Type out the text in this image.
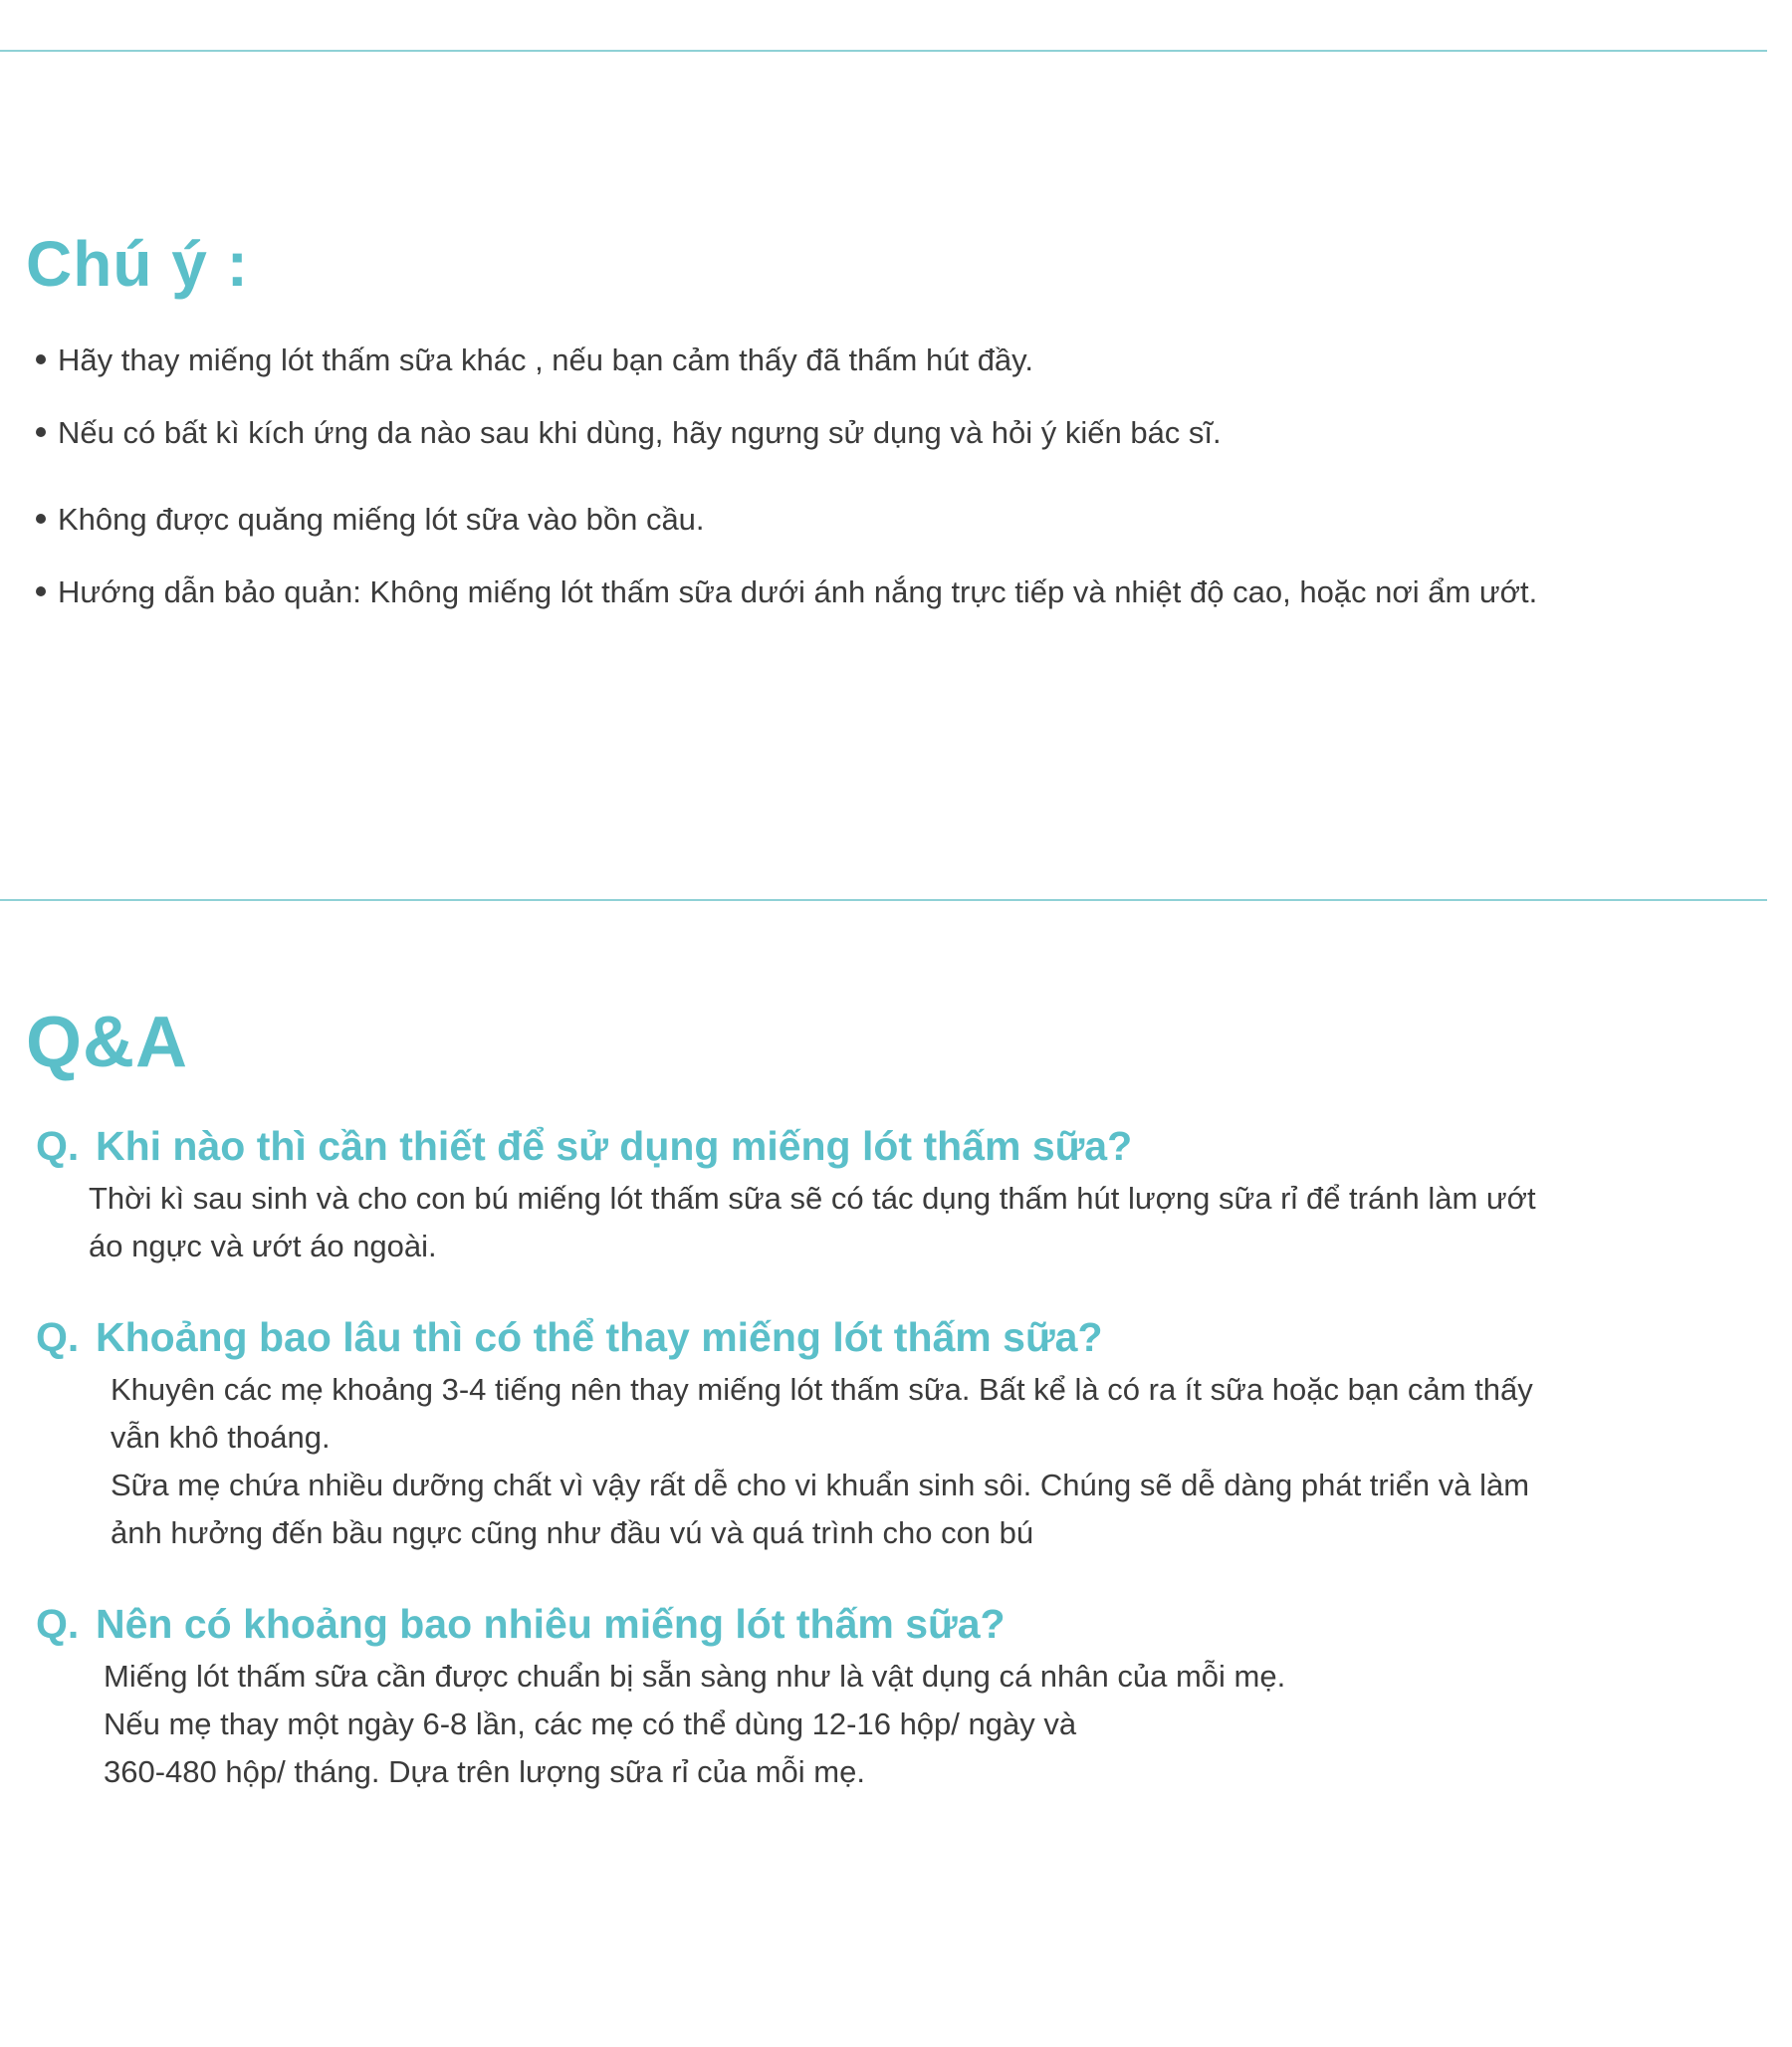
Chú ý :
Hãy thay miếng lót thấm sữa khác , nếu bạn cảm thấy đã thấm hút đầy.
Nếu có bất kì kích ứng da nào sau khi dùng, hãy ngưng sử dụng và hỏi ý kiến bác sĩ.
Không được quăng miếng lót sữa vào bồn cầu.
Hướng dẫn bảo quản: Không miếng lót thấm sữa dưới ánh nắng trực tiếp và nhiệt độ cao, hoặc nơi ẩm ướt.
Q&A
Q. Khi nào thì cần thiết để sử dụng miếng lót thấm sữa?
Thời kì sau sinh và cho con bú miếng lót thấm sữa sẽ có tác dụng thấm hút lượng sữa rỉ để tránh làm ướt
áo ngực và ướt áo ngoài.
Q. Khoảng bao lâu thì có thể thay miếng lót thấm sữa?
Khuyên các mẹ khoảng 3-4 tiếng nên thay miếng lót thấm sữa. Bất kể là có ra ít sữa hoặc bạn cảm thấy
vẫn khô thoáng.
Sữa mẹ chứa nhiều dưỡng chất vì vậy rất dễ cho vi khuẩn sinh sôi. Chúng sẽ dễ dàng phát triển và làm
ảnh hưởng đến bầu ngực cũng như đầu vú và quá trình cho con bú
Q. Nên có khoảng bao nhiêu miếng lót thấm sữa?
Miếng lót thấm sữa cần được chuẩn bị sẵn sàng như là vật dụng cá nhân của mỗi mẹ.
Nếu mẹ thay một ngày 6-8 lần, các mẹ có thể dùng 12-16 hộp/ ngày và
360-480 hộp/ tháng. Dựa trên lượng sữa rỉ của mỗi mẹ.
